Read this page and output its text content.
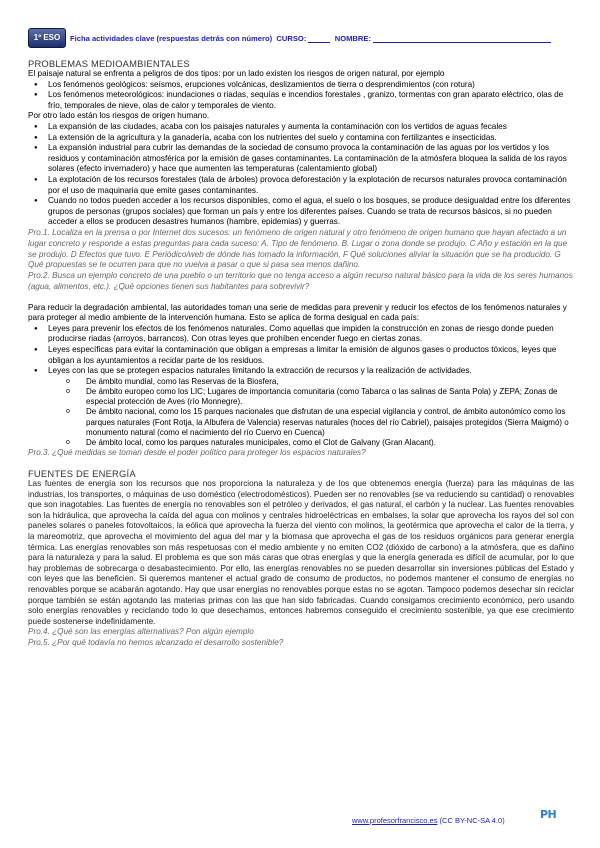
1º ESO	Ficha actividades clave (respuestas detrás con número) CURSO:	NOMBRE:

PROBLEMAS MEDIOAMBIENTALES

El paisaje natural se enfrenta a peligros de dos tipos: por un lado existen los riesgos de origen natural, por ejemplo

● Los fenómenos geológicos: seísmos, erupciones volcánicas, deslizamientos de tierra o desprendimientos (con rotura)
● Los fenómenos meteorológicos: inundaciones o riadas, sequías e incendios forestales , granizo, tormentas con gran aparato eléctrico, olas de frío, temporales de nieve, olas de calor y temporales de viento.

Por otro lado están los riesgos de origen humano.

● La expansión de las ciudades, acaba con los paisajes naturales y aumenta la contaminación con los vertidos de aguas fecales
● La extensión de la agricultura y la ganadería, acaba con los nutrientes del suelo y contamina con fertilizantes e insecticidas.
● La expansión industrial para cubrir las demandas de la sociedad de consumo provoca la contaminación de las aguas por los vertidos y los residuos y contaminación atmosférica por la emisión de gases contaminantes. La contaminación de la atmósfera bloquea la salida de los rayos solares (efecto invernadero) y hace que aumenten las temperaturas (calentamiento global)
● La explotación de los recursos forestales (tala de árboles) provoca deforestación y la explotación de recursos naturales provoca contaminación por el uso de maquinaria que emite gases contaminantes.
● Cuando no todos pueden acceder a los recursos disponibles, como el agua, el suelo o los bosques, se produce desigualdad entre los diferentes grupos de personas (grupos sociales) que forman un país y entre los diferentes países. Cuando se trata de recursos básicos, si no pueden acceder a ellos se producen desastres humanos (hambre, epidemias) y guerras.

Pro.1. Localiza en la prensa o por Internet dos sucesos: un fenómeno de origen natural y otro fenómeno de origen humano que hayan afectado a un lugar concreto y responde a estas preguntas para cada suceso: A. Tipo de fenómeno. B. Lugar o zona donde se produjo. C Año y estación en la que se produjo. D Efectos que tuvo. E Periódico/web de dónde has tomado la información, F Qué soluciones aliviar la situación que se ha producido. G Qué propuestas se te ocurren para que no vuelva a pasar o que si pasa sea menos dañino.

Pro.2. Busca un ejemplo concreto de una pueblo o un territorio que no tenga acceso a algún recurso natural básico para la vida de los seres humanos (agua, alimentos, etc.). ¿Qué opciones tienen sus habitantes para sobrevivir?

Para reducir la degradación ambiental, las autoridades toman una serie de medidas para prevenir y reducir los efectos de los fenómenos naturales y para proteger al medio ambiente de la intervención humana. Esto se aplica de forma desigual en cada país:

● Leyes para prevenir los efectos de los fenómenos naturales. Como aquellas que impiden la construcción en zonas de riesgo donde pueden producirse riadas (arroyos, barrancos). Con otras leyes que prohíben encender fuego en ciertas zonas.
● Leyes específicas para evitar la contaminación que obligan a empresas a limitar la emisión de algunos gases o productos tóxicos, leyes que obligan a los ayuntamientos a recidar parte de los residuos.
● Leyes con las que se protegen espacios naturales limitando la extracción de recursos y la realización de actividades.
o De ámbito mundial, como las Reservas de la Biosfera,
o De ámbito europeo como los LIC; Lugares de importancia comunitaria (como Tabarca o las salinas de Santa Pola) y ZEPA; Zonas de especial protección de Aves (río Monnegre).
o De ámbito nacional, como los 15 parques nacionales que disfrutan de una especial vigilancia y control, de ámbito autonómico como los parques naturales (Font Rotja, la Albufera de Valencia) reservas naturales (hoces del río Cabriel), paisajes protegidos (Sierra Maigmó) o monumento natural (como el nacimiento del río Cuervo en Cuenca)
o De ámbito local, como los parques naturales municipales, como el Clot de Galvany (Gran Alacant).

Pro.3. ¿Qué medidas se toman desde el poder político para proteger los espacios naturales?

FUENTES DE ENERGÍA

Las fuentes de energía son los recursos que nos proporciona la naturaleza y de los que obtenemos energía (fuerza) para las máquinas de las industrias, los transportes, o máquinas de uso doméstico (electrodomésticos). Pueden ser no renovables (se va reduciendo su cantidad) o renovables que son inagotables. Las fuentes de energía no renovables son el petróleo y derivados, el gas natural, el carbón y la nuclear. Las fuentes renovables son la hidráulica, que aprovecha la caída del agua con molinos y centrales hidroeléctricas en embalses, la solar que aprovecha los rayos del sol con paneles solares o paneles fotovoltaicos, la eólica que aprovecha la fuerza del viento con molinos, la geotérmica que aprovecha el calor de la tierra, y la mareomotriz, que aprovecha el movimiento del agua del mar y la biomasa que aprovecha el gas de los residuos orgánicos para generar energía térmica. Las energías renovables son más respetuosas con el medio ambiente y no emiten CO2 (dióxido de carbono) a la atmósfera, que es dañino para la naturaleza y para la salud. El problema es que son más caras que otras energías y que la energía generada es difícil de acumular, por lo que hay problemas de sobrecarga o desabastecimiento. Por ello, las energías renovables no se pueden desarrollar sin inversiones públicas del Estado y con leyes que las beneficien. Si queremos mantener el actual grado de consumo de productos, no podemos mantener el consumo de energías no renovables porque se acabarán agotando. Hay que usar energías no renovables porque estas no se agotan. Tampoco podemos desechar sin reciclar porque también se están agotando las materias primas con las que han sido fabricadas. Cuando consigamos crecimiento económico, pero usando solo energías renovables y reciclando todo lo que desechamos, entonces habremos conseguido el crecimiento sostenible, ya que ese crecimiento puede sostenerse indefinidamente.

Pro.4. ¿Qué son las energías alternativas? Pon algún ejemplo

Pro.5. ¿Por qué todavía no hemos alcanzado el desarrollo sostenible?

www.profesorfrancisco.es (CC BY-NC-SA 4.0)	PH
